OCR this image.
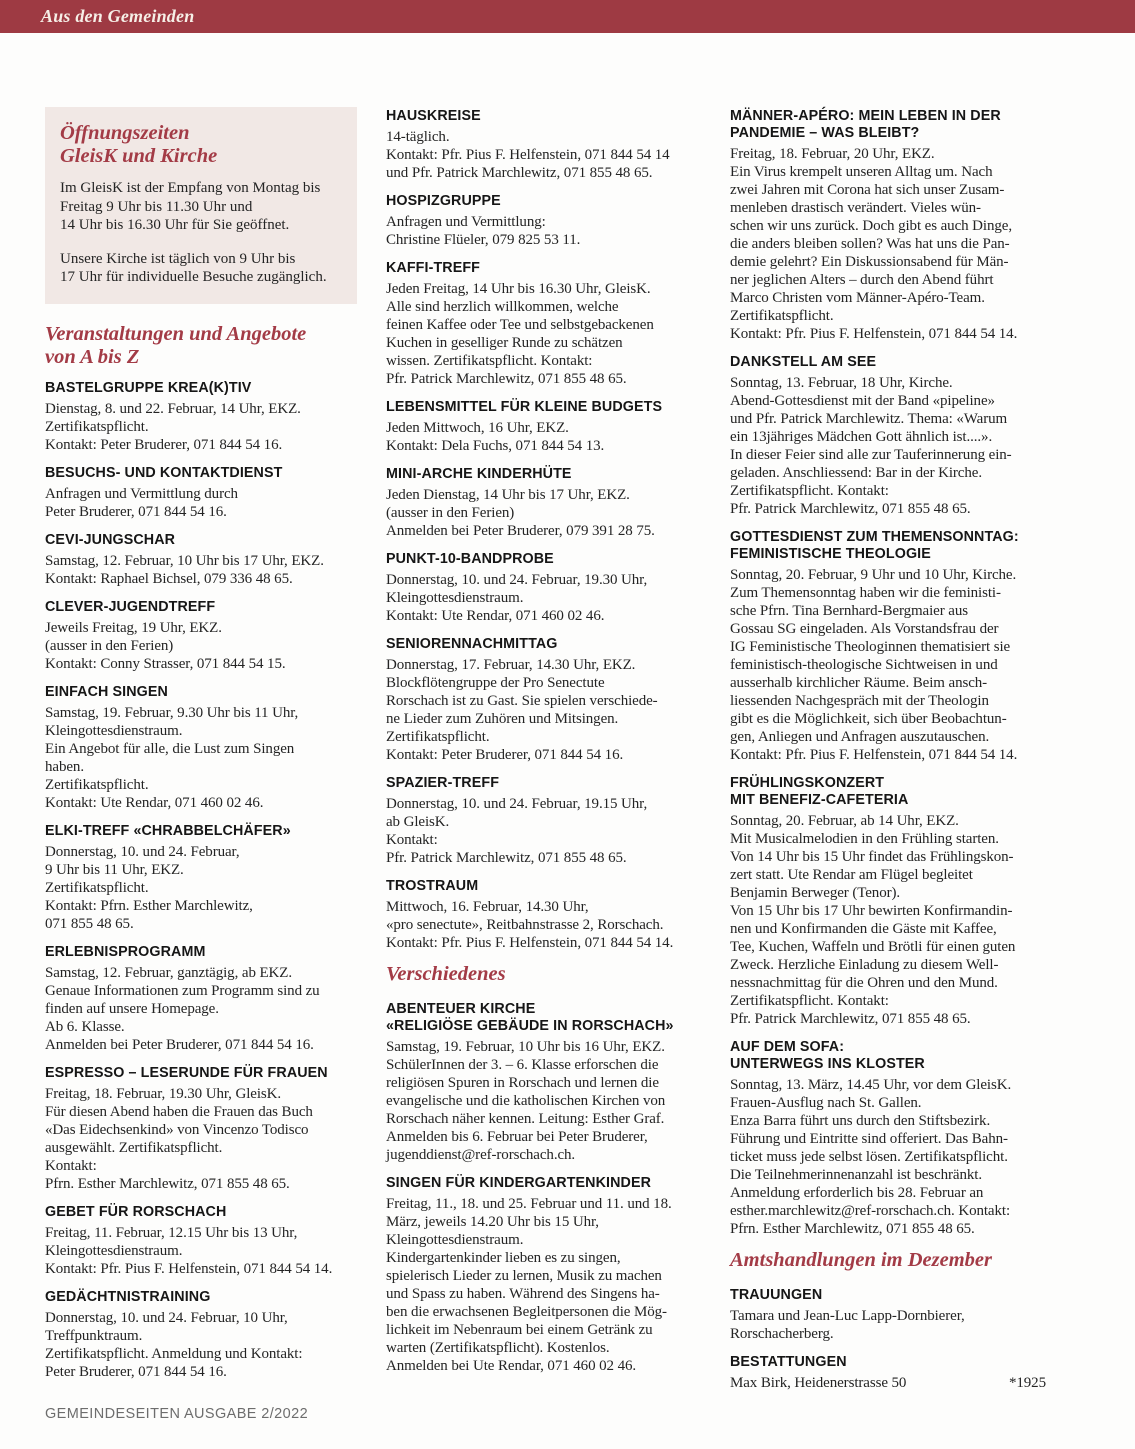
Aus den Gemeinden
Öffnungszeiten
GleisK und Kirche
Im GleisK ist der Empfang von Montag bis
Freitag 9 Uhr bis 11.30 Uhr und
14 Uhr bis 16.30 Uhr für Sie geöffnet.
Unsere Kirche ist täglich von 9 Uhr bis
17 Uhr für individuelle Besuche zugänglich.
Veranstaltungen und Angebote
von A bis Z
BASTELGRUPPE KREA(K)TIV
Dienstag, 8. und 22. Februar, 14 Uhr, EKZ.
Zertifikatspflicht.
Kontakt: Peter Bruderer, 071 844 54 16.
BESUCHS- UND KONTAKTDIENST
Anfragen und Vermittlung durch
Peter Bruderer, 071 844 54 16.
CEVI-JUNGSCHAR
Samstag, 12. Februar, 10 Uhr bis 17 Uhr, EKZ.
Kontakt: Raphael Bichsel, 079 336 48 65.
CLEVER-JUGENDTREFF
Jeweils Freitag, 19 Uhr, EKZ.
(ausser in den Ferien)
Kontakt: Conny Strasser, 071 844 54 15.
EINFACH SINGEN
Samstag, 19. Februar, 9.30 Uhr bis 11 Uhr,
Kleingottesdienstraum.
Ein Angebot für alle, die Lust zum Singen
haben.
Zertifikatspflicht.
Kontakt: Ute Rendar, 071 460 02 46.
ELKI-TREFF «CHRABBELCHÄFER»
Donnerstag, 10. und 24. Februar,
9 Uhr bis 11 Uhr, EKZ.
Zertifikatspflicht.
Kontakt: Pfrn. Esther Marchlewitz,
071 855 48 65.
ERLEBNISPROGRAMM
Samstag, 12. Februar, ganztägig, ab EKZ.
Genaue Informationen zum Programm sind zu
finden auf unsere Homepage.
Ab 6. Klasse.
Anmelden bei Peter Bruderer, 071 844 54 16.
ESPRESSO – LESERUNDE FÜR FRAUEN
Freitag, 18. Februar, 19.30 Uhr, GleisK.
Für diesen Abend haben die Frauen das Buch
«Das Eidechsenkind» von Vincenzo Todisco
ausgewählt. Zertifikatspflicht.
Kontakt:
Pfrn. Esther Marchlewitz, 071 855 48 65.
GEBET FÜR RORSCHACH
Freitag, 11. Februar, 12.15 Uhr bis 13 Uhr,
Kleingottesdienstraum.
Kontakt: Pfr. Pius F. Helfenstein, 071 844 54 14.
GEDÄCHTNISTRAINING
Donnerstag, 10. und 24. Februar, 10 Uhr,
Treffpunktraum.
Zertifikatspflicht. Anmeldung und Kontakt:
Peter Bruderer, 071 844 54 16.
HAUSKREISE
14-täglich.
Kontakt: Pfr. Pius F. Helfenstein, 071 844 54 14
und Pfr. Patrick Marchlewitz, 071 855 48 65.
HOSPIZGRUPPE
Anfragen und Vermittlung:
Christine Flüeler, 079 825 53 11.
KAFFI-TREFF
Jeden Freitag, 14 Uhr bis 16.30 Uhr, GleisK.
Alle sind herzlich willkommen, welche
feinen Kaffee oder Tee und selbstgebackenen
Kuchen in geselliger Runde zu schätzen
wissen. Zertifikatspflicht. Kontakt:
Pfr. Patrick Marchlewitz, 071 855 48 65.
LEBENSMITTEL FÜR KLEINE BUDGETS
Jeden Mittwoch, 16 Uhr, EKZ.
Kontakt: Dela Fuchs, 071 844 54 13.
MINI-ARCHE KINDERHÜTE
Jeden Dienstag, 14 Uhr bis 17 Uhr, EKZ.
(ausser in den Ferien)
Anmelden bei Peter Bruderer, 079 391 28 75.
PUNKT-10-BANDPROBE
Donnerstag, 10. und 24. Februar, 19.30 Uhr,
Kleingottesdienstraum.
Kontakt: Ute Rendar, 071 460 02 46.
SENIORENNACHMITTAG
Donnerstag, 17. Februar, 14.30 Uhr, EKZ.
Blockflötengruppe der Pro Senectute
Rorschach ist zu Gast. Sie spielen verschiede-
ne Lieder zum Zuhören und Mitsingen.
Zertifikatspflicht.
Kontakt: Peter Bruderer, 071 844 54 16.
SPAZIER-TREFF
Donnerstag, 10. und 24. Februar, 19.15 Uhr,
ab GleisK.
Kontakt:
Pfr. Patrick Marchlewitz, 071 855 48 65.
TROSTRAUM
Mittwoch, 16. Februar, 14.30 Uhr,
«pro senectute», Reitbahnstrasse 2, Rorschach.
Kontakt: Pfr. Pius F. Helfenstein, 071 844 54 14.
Verschiedenes
ABENTEUER KIRCHE
«RELIGIÖSE GEBÄUDE IN RORSCHACH»
Samstag, 19. Februar, 10 Uhr bis 16 Uhr, EKZ.
SchülerInnen der 3. – 6. Klasse erforschen die
religiösen Spuren in Rorschach und lernen die
evangelische und die katholischen Kirchen von
Rorschach näher kennen. Leitung: Esther Graf.
Anmelden bis 6. Februar bei Peter Bruderer,
jugenddienst@ref-rorschach.ch.
SINGEN FÜR KINDERGARTENKINDER
Freitag, 11., 18. und 25. Februar und 11. und 18.
März, jeweils 14.20 Uhr bis 15 Uhr,
Kleingottesdienstraum.
Kindergartenkinder lieben es zu singen,
spielerisch Lieder zu lernen, Musik zu machen
und Spass zu haben. Während des Singens ha-
ben die erwachsenen Begleitpersonen die Mög-
lichkeit im Nebenraum bei einem Getränk zu
warten (Zertifikatspflicht). Kostenlos.
Anmelden bei Ute Rendar, 071 460 02 46.
MÄNNER-APÉRO: MEIN LEBEN IN DER
PANDEMIE – WAS BLEIBT?
Freitag, 18. Februar, 20 Uhr, EKZ.
Ein Virus krempelt unseren Alltag um. Nach
zwei Jahren mit Corona hat sich unser Zusam-
menleben drastisch verändert. Vieles wün-
schen wir uns zurück. Doch gibt es auch Dinge,
die anders bleiben sollen? Was hat uns die Pan-
demie gelehrt? Ein Diskussionsabend für Män-
ner jeglichen Alters – durch den Abend führt
Marco Christen vom Männer-Apéro-Team.
Zertifikatspflicht.
Kontakt: Pfr. Pius F. Helfenstein, 071 844 54 14.
DANKSTELL AM SEE
Sonntag, 13. Februar, 18 Uhr, Kirche.
Abend-Gottesdienst mit der Band «pipeline»
und Pfr. Patrick Marchlewitz. Thema: «Warum
ein 13jähriges Mädchen Gott ähnlich ist....».
In dieser Feier sind alle zur Tauferinnerung ein-
geladen. Anschliessend: Bar in der Kirche.
Zertifikatspflicht. Kontakt:
Pfr. Patrick Marchlewitz, 071 855 48 65.
GOTTESDIENST ZUM THEMENSONNTAG:
FEMINISTISCHE THEOLOGIE
Sonntag, 20. Februar, 9 Uhr und 10 Uhr, Kirche.
Zum Themensonntag haben wir die feministi-
sche Pfrn. Tina Bernhard-Bergmaier aus
Gossau SG eingeladen. Als Vorstandsfrau der
IG Feministische Theologinnen thematisiert sie
feministisch-theologische Sichtweisen in und
ausserhalb kirchlicher Räume. Beim ansch-
liessenden Nachgespräch mit der Theologin
gibt es die Möglichkeit, sich über Beobachtun-
gen, Anliegen und Anfragen auszutauschen.
Kontakt: Pfr. Pius F. Helfenstein, 071 844 54 14.
FRÜHLINGSKONZERT
MIT BENEFIZ-CAFETERIA
Sonntag, 20. Februar, ab 14 Uhr, EKZ.
Mit Musicalmelodien in den Frühling starten.
Von 14 Uhr bis 15 Uhr findet das Frühlingskon-
zert statt. Ute Rendar am Flügel begleitet
Benjamin Berweger (Tenor).
Von 15 Uhr bis 17 Uhr bewirten Konfirmandin-
nen und Konfirmanden die Gäste mit Kaffee,
Tee, Kuchen, Waffeln und Brötli für einen guten
Zweck. Herzliche Einladung zu diesem Well-
nessnachmittag für die Ohren und den Mund.
Zertifikatspflicht. Kontakt:
Pfr. Patrick Marchlewitz, 071 855 48 65.
AUF DEM SOFA:
UNTERWEGS INS KLOSTER
Sonntag, 13. März, 14.45 Uhr, vor dem GleisK.
Frauen-Ausflug nach St. Gallen.
Enza Barra führt uns durch den Stiftsbezirk.
Führung und Eintritte sind offeriert. Das Bahn-
ticket muss jede selbst lösen. Zertifikatspflicht.
Die Teilnehmerinnenanzahl ist beschränkt.
Anmeldung erforderlich bis 28. Februar an
esther.marchlewitz@ref-rorschach.ch. Kontakt:
Pfrn. Esther Marchlewitz, 071 855 48 65.
Amtshandlungen im Dezember
TRAUUNGEN
Tamara und Jean-Luc Lapp-Dornbierer,
Rorschacherberg.
BESTATTUNGEN
Max Birk, Heidenerstrasse 50	*1925
GEMEINDESEITEN AUSGABE 2/2022
